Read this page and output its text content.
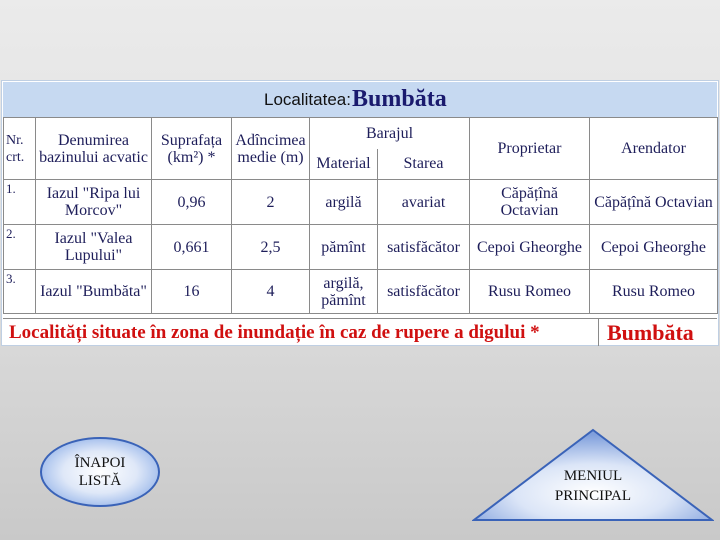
Localitatea: Bumbăta
Nr. crt.	Denumirea bazinului acvatic	Suprafața (km²) *	Adîncimea medie (m)	Barajul		Proprietar	Arendator
				Material	Starea		
1.	Iazul "Ripa lui Morcov"	0,96	2	argilă	avariat	Căpățînă Octavian	Căpățînă Octavian
2.	Iazul "Valea Lupului"	0,661	2,5	pămînt	satisfăcător	Cepoi Gheorghe	Cepoi Gheorghe
3.	Iazul "Bumbăta"	16	4	argilă, pămînt	satisfăcător	Rusu Romeo	Rusu Romeo
Localități situate în zona de inundație în caz de rupere a digului *	Bumbăta
ÎNAPOI
LISTĂ	MENIUL
PRINCIPAL
